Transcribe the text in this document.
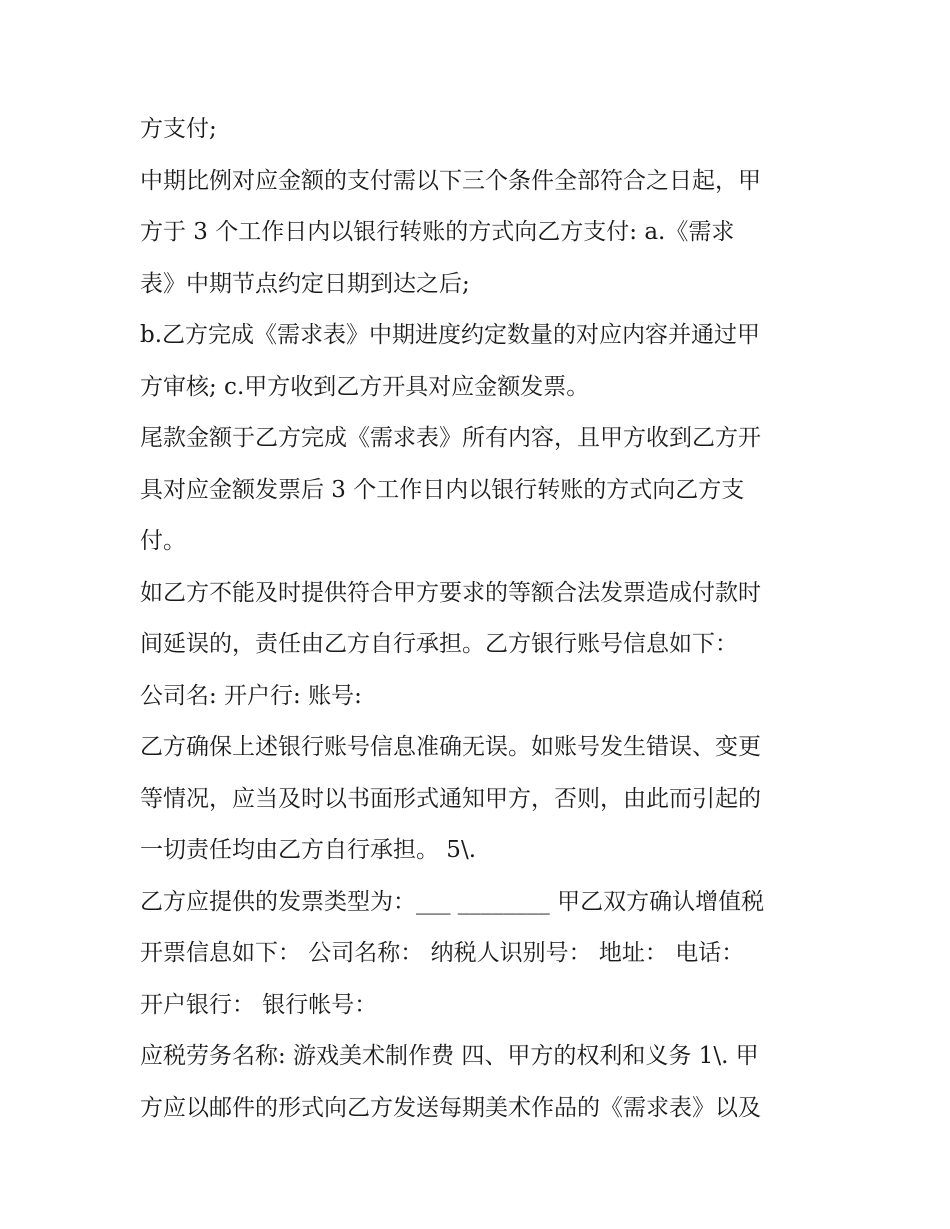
方支付;
中期比例对应金额的支付需以下三个条件全部符合之日起，甲
方于 3 个工作日内以银行转账的方式向乙方支付: a.《需求
表》中期节点约定日期到达之后;
b.乙方完成《需求表》中期进度约定数量的对应内容并通过甲
方审核; c.甲方收到乙方开具对应金额发票。
尾款金额于乙方完成《需求表》所有内容，且甲方收到乙方开
具对应金额发票后 3 个工作日内以银行转账的方式向乙方支
付。
如乙方不能及时提供符合甲方要求的等额合法发票造成付款时
间延误的，责任由乙方自行承担。乙方银行账号信息如下：
公司名: 开户行: 账号:
乙方确保上述银行账号信息准确无误。如账号发生错误、变更
等情况，应当及时以书面形式通知甲方，否则，由此而引起的
一切责任均由乙方自行承担。 5\.
乙方应提供的发票类型为：___ ________ 甲乙双方确认增值税
开票信息如下： 公司名称： 纳税人识别号： 地址： 电话：
开户银行： 银行帐号：
应税劳务名称: 游戏美术制作费 四、甲方的权利和义务 1\. 甲
方应以邮件的形式向乙方发送每期美术作品的《需求表》以及
